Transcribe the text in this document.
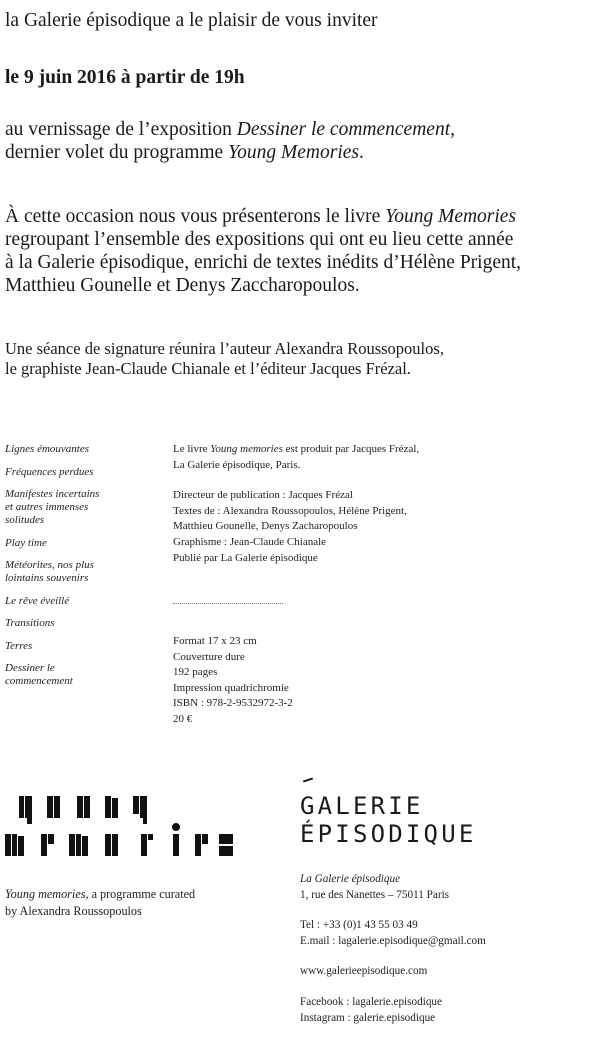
la Galerie épisodique a le plaisir de vous inviter
le 9 juin 2016 à partir de 19h
au vernissage de l’exposition Dessiner le commencement,
dernier volet du programme Young Memories.
À cette occasion nous vous présenterons le livre Young Memories
regroupant l’ensemble des expositions qui ont eu lieu cette année
à la Galerie épisodique, enrichi de textes inédits d’Hélène Prigent,
Matthieu Gounelle et Denys Zaccharopoulos.
Une séance de signature réunira l’auteur Alexandra Roussopoulos,
le graphiste Jean-Claude Chianale et l’éditeur Jacques Frézal.
Lignes émouvantes
Fréquences perdues
Manifestes incertains
et autres immenses
solitudes
Play time
Météorites, nos plus
lointains souvenirs
Le rêve éveillé
Transitions
Terres
Dessiner le
commencement
Le livre Young memories est produit par Jacques Frézal,
La Galerie épisodique, Paris.
Directeur de publication : Jacques Frézal
Textes de : Alexandra Roussopoulos, Hélène Prigent,
Matthieu Gounelle, Denys Zacharopoulos
Graphisme : Jean-Claude Chianale
Publié par La Galerie épisodique
Format 17 x 23 cm
Couverture dure
192 pages
Impression quadrichromie
ISBN : 978-2-9532972-3-2
20 €
Young memories, a programme curated
by Alexandra Roussopoulos
GALERIE
ÉPISODIQUE
La Galerie épisodique
1, rue des Nanettes – 75011 Paris
Tel : +33 (0)1 43 55 03 49
E.mail : lagalerie.episodique@gmail.com
www.galerieepisodique.com
Facebook : lagalerie.episodique
Instagram : galerie.episodique
